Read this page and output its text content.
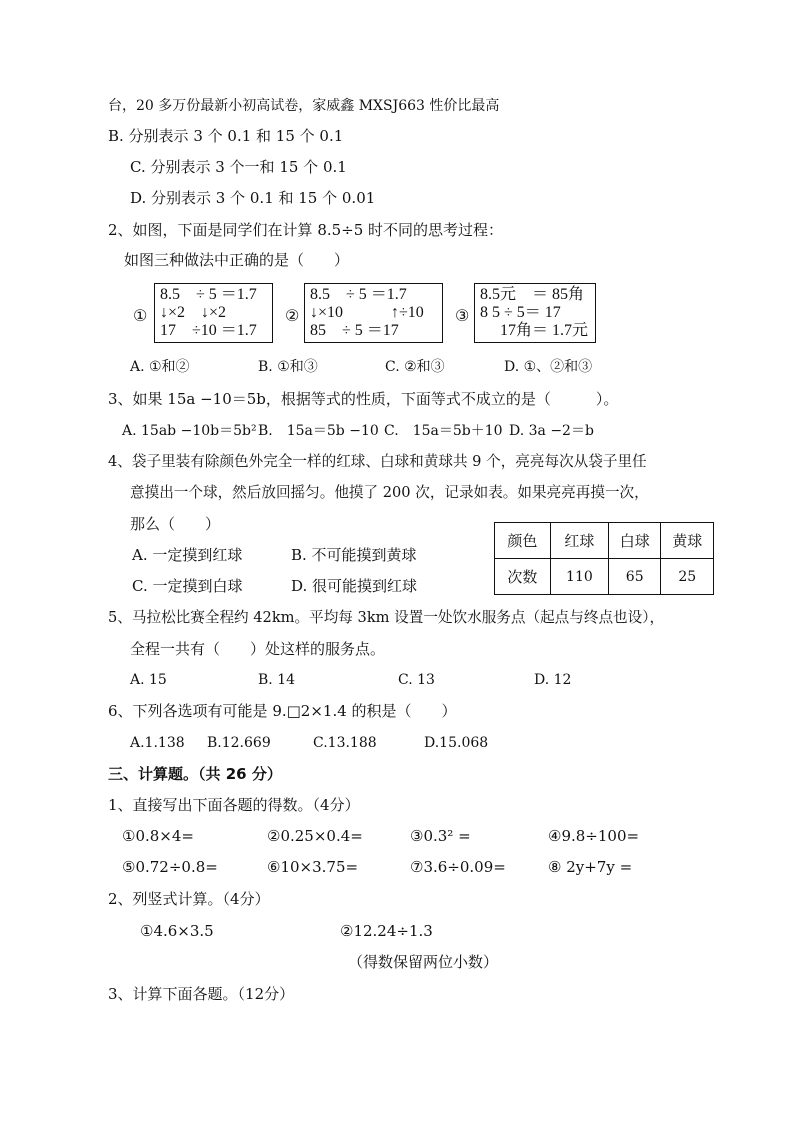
台，20 多万份最新小初高试卷，家威鑫 MXSJ663 性价比最高
B. 分别表示 3 个 0.1 和 15 个 0.1
C. 分别表示 3 个一和 15 个 0.1
D. 分别表示 3 个 0.1 和 15 个 0.01
2、如图，下面是同学们在计算 8.5÷5 时不同的思考过程：
如图三种做法中正确的是（　　）
①
8.5　÷ 5 ＝1.7
↓×2　↓×2
17　÷10 ＝1.7
②
8.5　÷ 5 ＝1.7
↓×10　　　↑÷10
85　÷ 5 ＝17
③
8.5元　＝ 85角
8 5 ÷ 5＝ 17
17角＝ 1.7元
A. ①和②	B. ①和③	C. ②和③	D. ①、②和③
3、如果 15a −10＝5b，根据等式的性质，下面等式不成立的是（　　　）。
A. 15ab −10b＝5b² B.　15a＝5b −10 C.　15a＝5b＋10 D. 3a −2＝b
4、袋子里装有除颜色外完全一样的红球、白球和黄球共 9 个，亮亮每次从袋子里任
意摸出一个球，然后放回摇匀。他摸了 200 次，记录如表。如果亮亮再摸一次，
那么（　　）
A. 一定摸到红球	B. 不可能摸到黄球
C. 一定摸到白球	D. 很可能摸到红球
颜色	红球	白球	黄球
次数	110	65	25
5、马拉松比赛全程约 42km。平均每 3km 设置一处饮水服务点（起点与终点也设），
全程一共有（　　）处这样的服务点。
A. 15	B. 14	C. 13	D. 12
6、下列各选项有可能是 9.□2×1.4 的积是（　　）
A.1.138 B.12.669	C.13.188	D.15.068
三、计算题。（共 26 分）
1、直接写出下面各题的得数。（4分）
①0.8×4=	②0.25×0.4=	③0.3² =	④9.8÷100=
⑤0.72÷0.8=	⑥10×3.75=	⑦3.6÷0.09=	⑧ 2y+7y =
2、列竖式计算。（4分）
①4.6×3.5	②12.24÷1.3
（得数保留两位小数）
3、计算下面各题。（12分）
